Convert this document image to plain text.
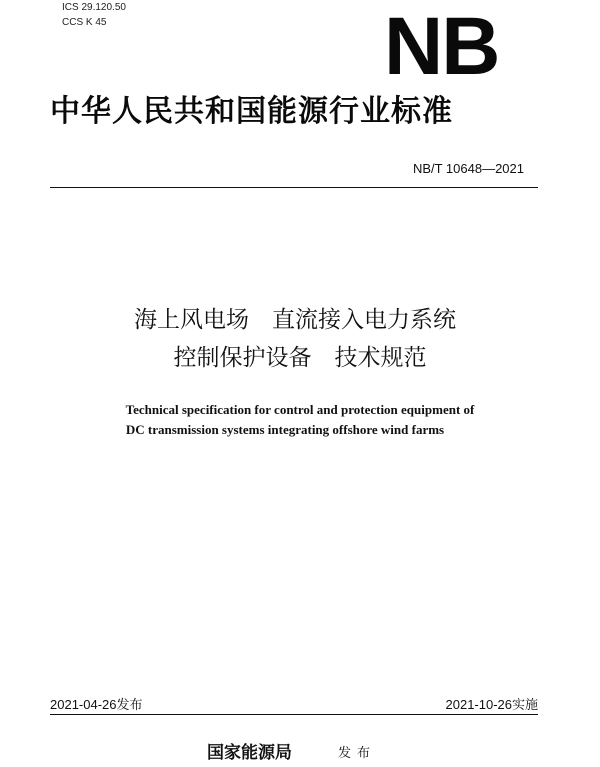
ICS 29.120.50
CCS K 45	NB
中华人民共和国能源行业标准
NB/T 10648—2021
海上风电场　直流接入电力系统
控制保护设备　技术规范
Technical specification for control and protection equipment of
DC transmission systems integrating offshore wind farms
2021-04-26发布	2021-10-26实施
国家能源局	发布
